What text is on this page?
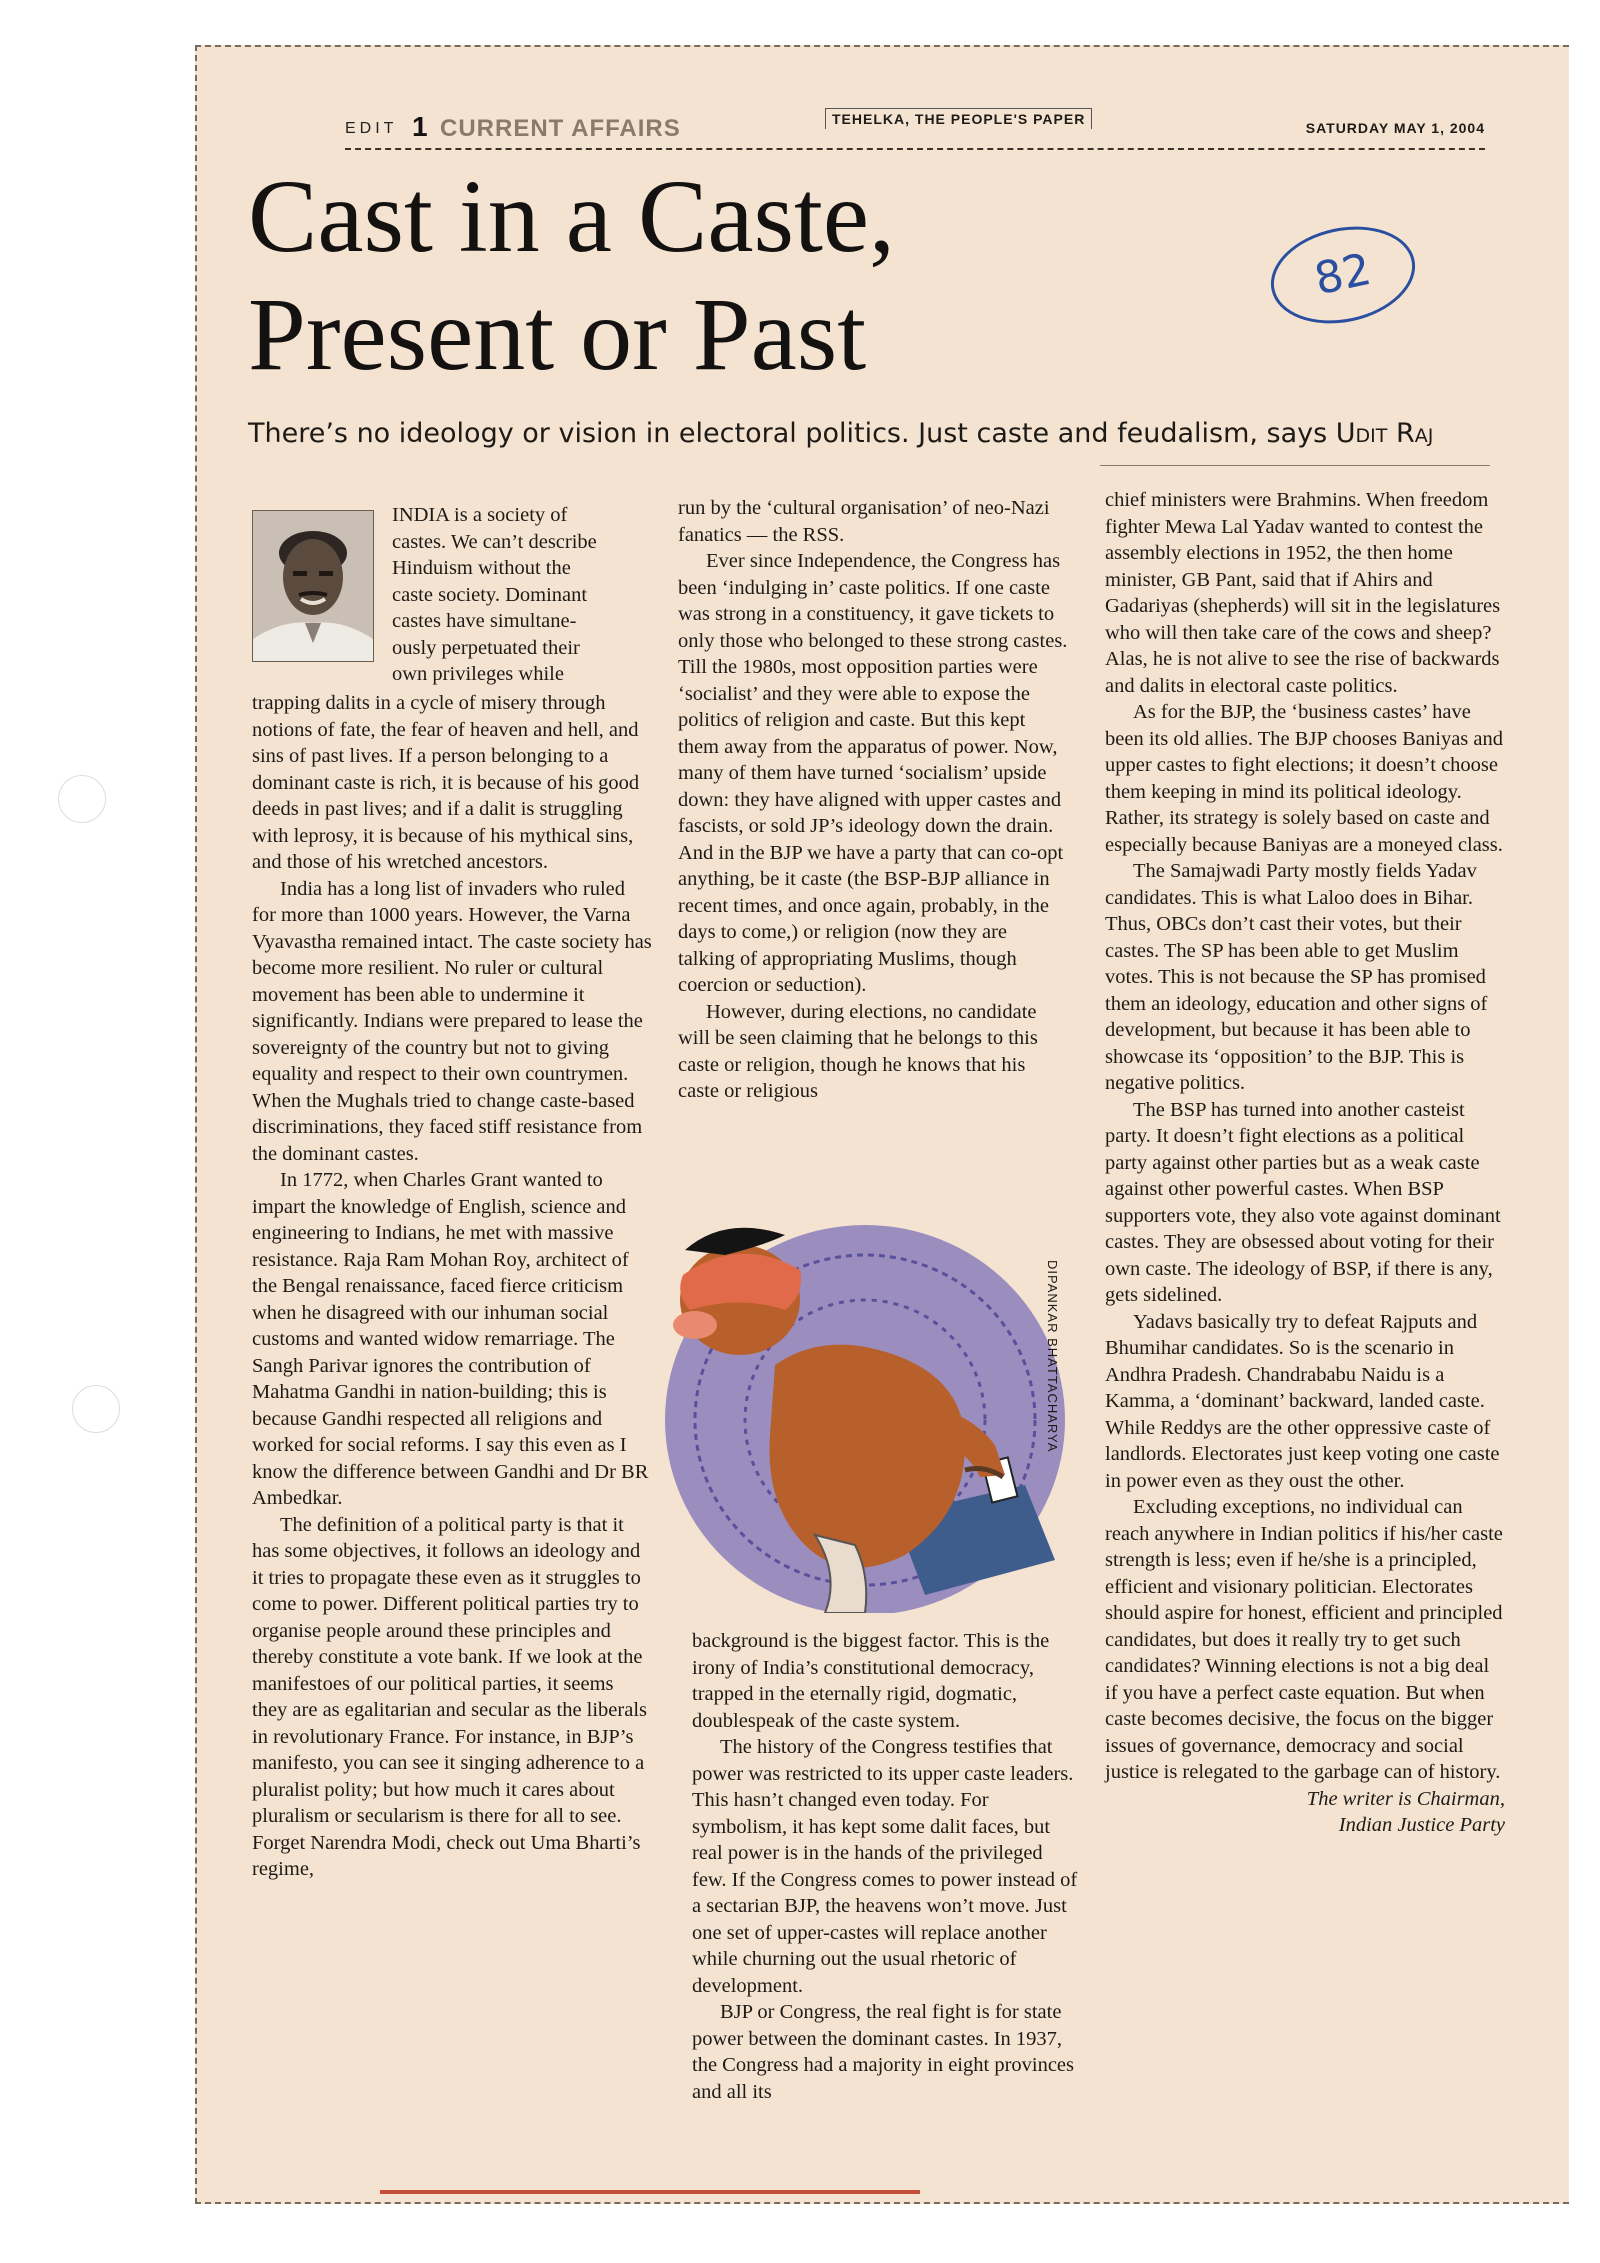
EDIT 1 CURRENT AFFAIRS	TEHELKA, THE PEOPLE'S PAPER
SATURDAY MAY 1, 2004
Cast in a Caste,
Present or Past
82
There’s no ideology or vision in electoral politics. Just caste and feudalism, says Udit Raj
INDIA is a society of
castes. We can’t describe
Hinduism without the
caste society. Dominant
castes have simultane-
ously perpetuated their
own privileges while

trapping dalits in a cycle of misery through notions of fate, the fear of heaven and hell, and sins of past lives. If a person belonging to a dominant caste is rich, it is because of his good deeds in past lives; and if a dalit is struggling with leprosy, it is because of his mythical sins, and those of his wretched ancestors.

India has a long list of invaders who ruled for more than 1000 years. However, the Varna Vyavastha remained intact. The caste society has become more resilient. No ruler or cultural movement has been able to undermine it significantly. Indians were prepared to lease the sovereignty of the country but not to giving equality and respect to their own countrymen. When the Mughals tried to change caste-based discriminations, they faced stiff resistance from the dominant castes.

In 1772, when Charles Grant wanted to impart the knowledge of English, science and engineering to Indians, he met with massive resistance. Raja Ram Mohan Roy, architect of the Bengal renaissance, faced fierce criticism when he disagreed with our inhuman social customs and wanted widow remarriage. The Sangh Parivar ignores the contribution of Mahatma Gandhi in nation-building; this is because Gandhi respected all religions and worked for social reforms. I say this even as I know the difference between Gandhi and Dr BR Ambedkar.

The definition of a political party is that it has some objectives, it follows an ideology and it tries to propagate these even as it struggles to come to power. Different political parties try to organise people around these principles and thereby constitute a vote bank. If we look at the manifestoes of our political parties, it seems they are as egalitarian and secular as the liberals in revolutionary France. For instance, in BJP’s manifesto, you can see it singing adherence to a pluralist polity; but how much it cares about pluralism or secularism is there for all to see. Forget Narendra Modi, check out Uma Bharti’s regime,

run by the ‘cultural organisation’ of neo-Nazi fanatics — the RSS.

Ever since Independence, the Congress has been ‘indulging in’ caste politics. If one caste was strong in a constituency, it gave tickets to only those who belonged to these strong castes. Till the 1980s, most opposition parties were ‘socialist’ and they were able to expose the politics of religion and caste. But this kept them away from the apparatus of power. Now, many of them have turned ‘socialism’ upside down: they have aligned with upper castes and fascists, or sold JP’s ideology down the drain. And in the BJP we have a party that can co-opt anything, be it caste (the BSP-BJP alliance in recent times, and once again, probably, in the days to come,) or religion (now they are talking of appropriating Muslims, though coercion or seduction).

However, during elections, no candidate will be seen claiming that he belongs to this caste or religion, though he knows that his caste or religious

DIPANKAR BHATTACHARYA

background is the biggest factor. This is the irony of India’s constitutional democracy, trapped in the eternally rigid, dogmatic, doublespeak of the caste system.

The history of the Congress testifies that power was restricted to its upper caste leaders. This hasn’t changed even today. For symbolism, it has kept some dalit faces, but real power is in the hands of the privileged few. If the Congress comes to power instead of a sectarian BJP, the heavens won’t move. Just one set of upper-castes will replace another while churning out the usual rhetoric of development.

BJP or Congress, the real fight is for state power between the dominant castes. In 1937, the Congress had a majority in eight provinces and all its

chief ministers were Brahmins. When freedom fighter Mewa Lal Yadav wanted to contest the assembly elections in 1952, the then home minister, GB Pant, said that if Ahirs and Gadariyas (shepherds) will sit in the legislatures who will then take care of the cows and sheep? Alas, he is not alive to see the rise of backwards and dalits in electoral caste politics.

As for the BJP, the ‘business castes’ have been its old allies. The BJP chooses Baniyas and upper castes to fight elections; it doesn’t choose them keeping in mind its political ideology. Rather, its strategy is solely based on caste and especially because Baniyas are a moneyed class.

The Samajwadi Party mostly fields Yadav candidates. This is what Laloo does in Bihar. Thus, OBCs don’t cast their votes, but their castes. The SP has been able to get Muslim votes. This is not because the SP has promised them an ideology, education and other signs of development, but because it has been able to showcase its ‘opposition’ to the BJP. This is negative politics.

The BSP has turned into another casteist party. It doesn’t fight elections as a political party against other parties but as a weak caste against other powerful castes. When BSP supporters vote, they also vote against dominant castes. They are obsessed about voting for their own caste. The ideology of BSP, if there is any, gets sidelined.

Yadavs basically try to defeat Rajputs and Bhumihar candidates. So is the scenario in Andhra Pradesh. Chandrababu Naidu is a Kamma, a ‘dominant’ backward, landed caste. While Reddys are the other oppressive caste of landlords. Electorates just keep voting one caste in power even as they oust the other.

Excluding exceptions, no individual can reach anywhere in Indian politics if his/her caste strength is less; even if he/she is a principled, efficient and visionary politician. Electorates should aspire for honest, efficient and principled candidates, but does it really try to get such candidates? Winning elections is not a big deal if you have a perfect caste equation. But when caste becomes decisive, the focus on the bigger issues of governance, democracy and social justice is relegated to the garbage can of history.

The writer is Chairman,

Indian Justice Party
